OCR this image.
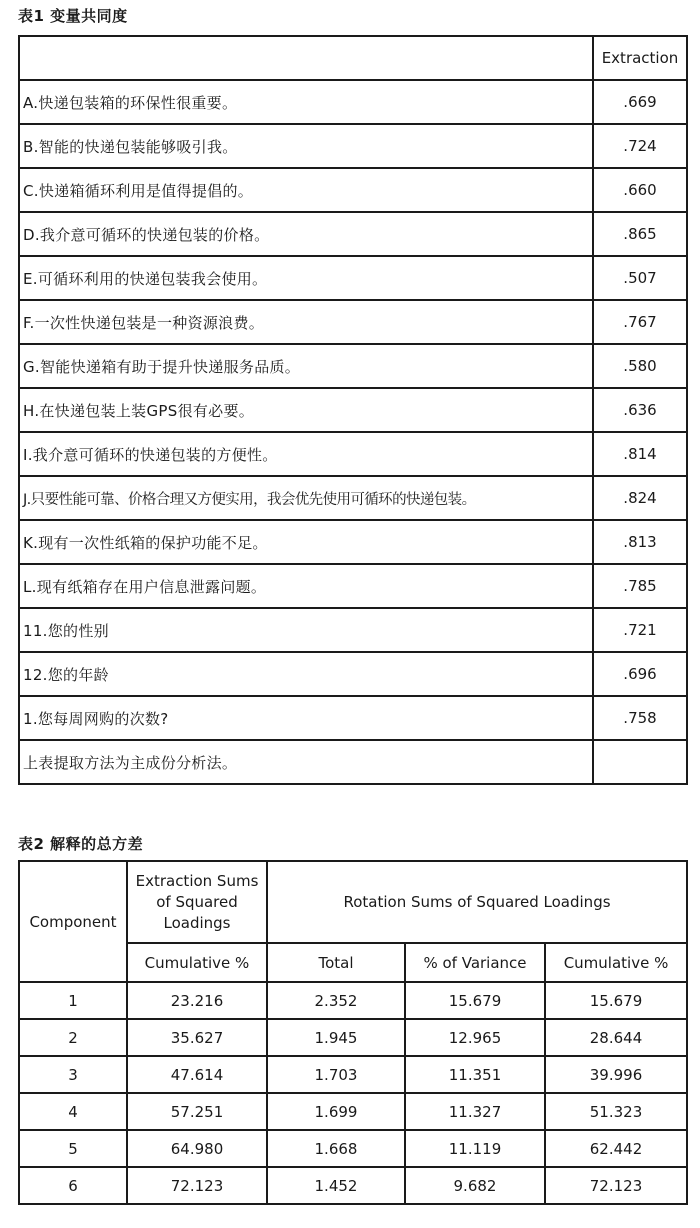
表1 变量共同度
	Extraction
A.快递包装箱的环保性很重要。	.669
B.智能的快递包装能够吸引我。	.724
C.快递箱循环利用是值得提倡的。	.660
D.我介意可循环的快递包装的价格。	.865
E.可循环利用的快递包装我会使用。	.507
F.一次性快递包装是一种资源浪费。	.767
G.智能快递箱有助于提升快递服务品质。	.580
H.在快递包装上装GPS很有必要。	.636
I.我介意可循环的快递包装的方便性。	.814
J.只要性能可靠、价格合理又方便实用，我会优先使用可循环的快递包装。	.824
K.现有一次性纸箱的保护功能不足。	.813
L.现有纸箱存在用户信息泄露问题。	.785
11.您的性别	.721
12.您的年龄	.696
1.您每周网购的次数?	.758
上表提取方法为主成份分析法。	
表2 解释的总方差
Component	Extraction Sums of Squared Loadings	Rotation Sums of Squared Loadings		
	Cumulative %	Total	% of Variance	Cumulative %
1	23.216	2.352	15.679	15.679
2	35.627	1.945	12.965	28.644
3	47.614	1.703	11.351	39.996
4	57.251	1.699	11.327	51.323
5	64.980	1.668	11.119	62.442
6	72.123	1.452	9.682	72.123
